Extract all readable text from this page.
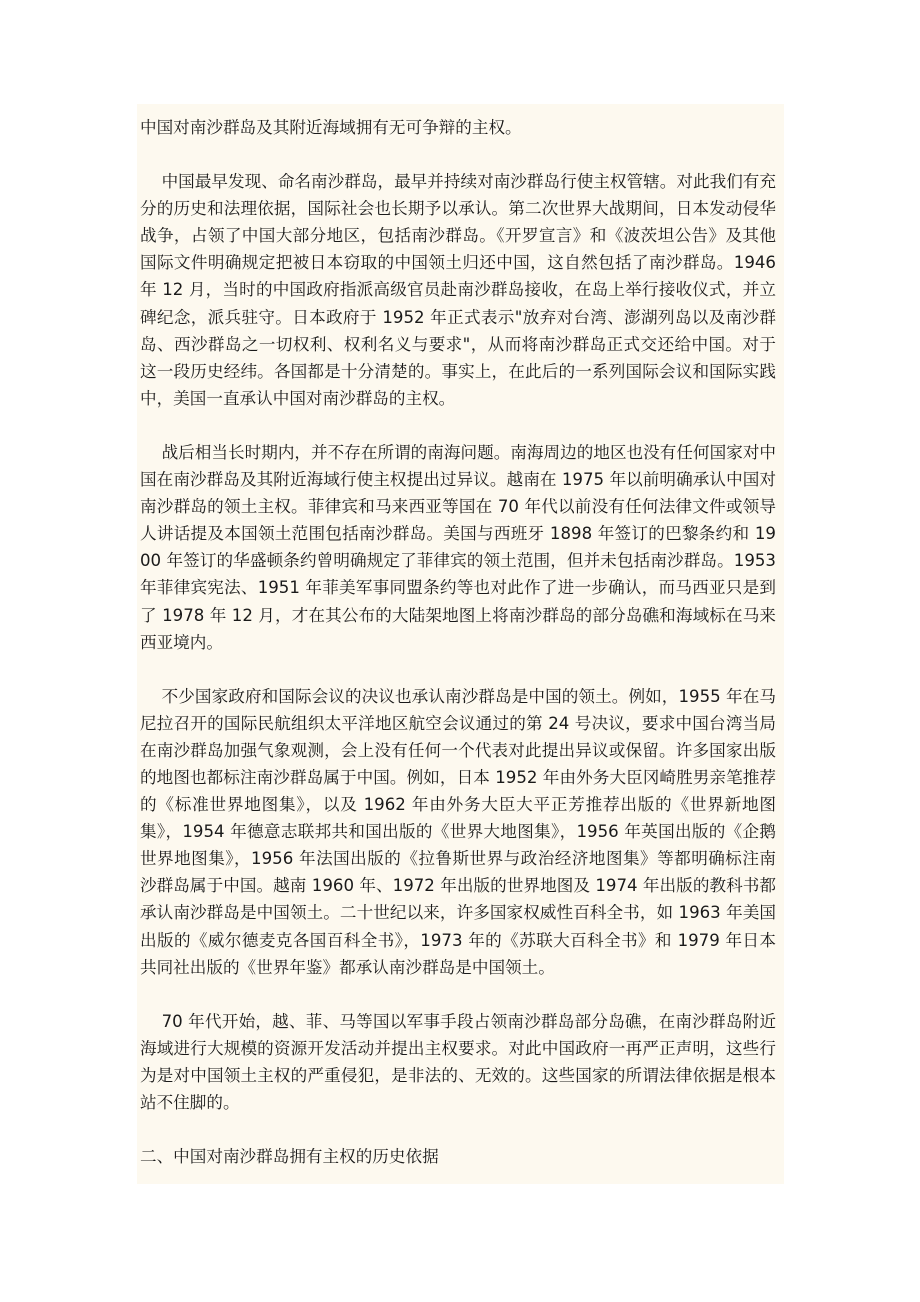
中国对南沙群岛及其附近海域拥有无可争辩的主权。

中国最早发现、命名南沙群岛，最早并持续对南沙群岛行使主权管辖。对此我们有充分的历史和法理依据，国际社会也长期予以承认。第二次世界大战期间，日本发动侵华战争，占领了中国大部分地区，包括南沙群岛。《开罗宣言》和《波茨坦公告》及其他国际文件明确规定把被日本窃取的中国领土归还中国，这自然包括了南沙群岛。1946 年 12 月，当时的中国政府指派高级官员赴南沙群岛接收，在岛上举行接收仪式，并立碑纪念，派兵驻守。日本政府于 1952 年正式表示"放弃对台湾、澎湖列岛以及南沙群岛、西沙群岛之一切权利、权利名义与要求"，从而将南沙群岛正式交还给中国。对于这一段历史经纬。各国都是十分清楚的。事实上，在此后的一系列国际会议和国际实践中，美国一直承认中国对南沙群岛的主权。

战后相当长时期内，并不存在所谓的南海问题。南海周边的地区也没有任何国家对中国在南沙群岛及其附近海域行使主权提出过异议。越南在 1975 年以前明确承认中国对南沙群岛的领土主权。菲律宾和马来西亚等国在 70 年代以前没有任何法律文件或领导人讲话提及本国领土范围包括南沙群岛。美国与西班牙 1898 年签订的巴黎条约和 1900 年签订的华盛顿条约曾明确规定了菲律宾的领土范围，但并未包括南沙群岛。1953 年菲律宾宪法、1951 年菲美军事同盟条约等也对此作了进一步确认，而马西亚只是到了 1978 年 12 月，才在其公布的大陆架地图上将南沙群岛的部分岛礁和海域标在马来西亚境内。

不少国家政府和国际会议的决议也承认南沙群岛是中国的领土。例如，1955 年在马尼拉召开的国际民航组织太平洋地区航空会议通过的第 24 号决议，要求中国台湾当局在南沙群岛加强气象观测，会上没有任何一个代表对此提出异议或保留。许多国家出版的地图也都标注南沙群岛属于中国。例如，日本 1952 年由外务大臣冈崎胜男亲笔推荐的《标准世界地图集》，以及 1962 年由外务大臣大平正芳推荐出版的《世界新地图集》，1954 年德意志联邦共和国出版的《世界大地图集》，1956 年英国出版的《企鹅世界地图集》，1956 年法国出版的《拉鲁斯世界与政治经济地图集》等都明确标注南沙群岛属于中国。越南 1960 年、1972 年出版的世界地图及 1974 年出版的教科书都承认南沙群岛是中国领土。二十世纪以来，许多国家权威性百科全书，如 1963 年美国出版的《威尔德麦克各国百科全书》，1973 年的《苏联大百科全书》和 1979 年日本共同社出版的《世界年鉴》都承认南沙群岛是中国领土。

70 年代开始，越、菲、马等国以军事手段占领南沙群岛部分岛礁，在南沙群岛附近海域进行大规模的资源开发活动并提出主权要求。对此中国政府一再严正声明，这些行为是对中国领土主权的严重侵犯，是非法的、无效的。这些国家的所谓法律依据是根本站不住脚的。

二、中国对南沙群岛拥有主权的历史依据
